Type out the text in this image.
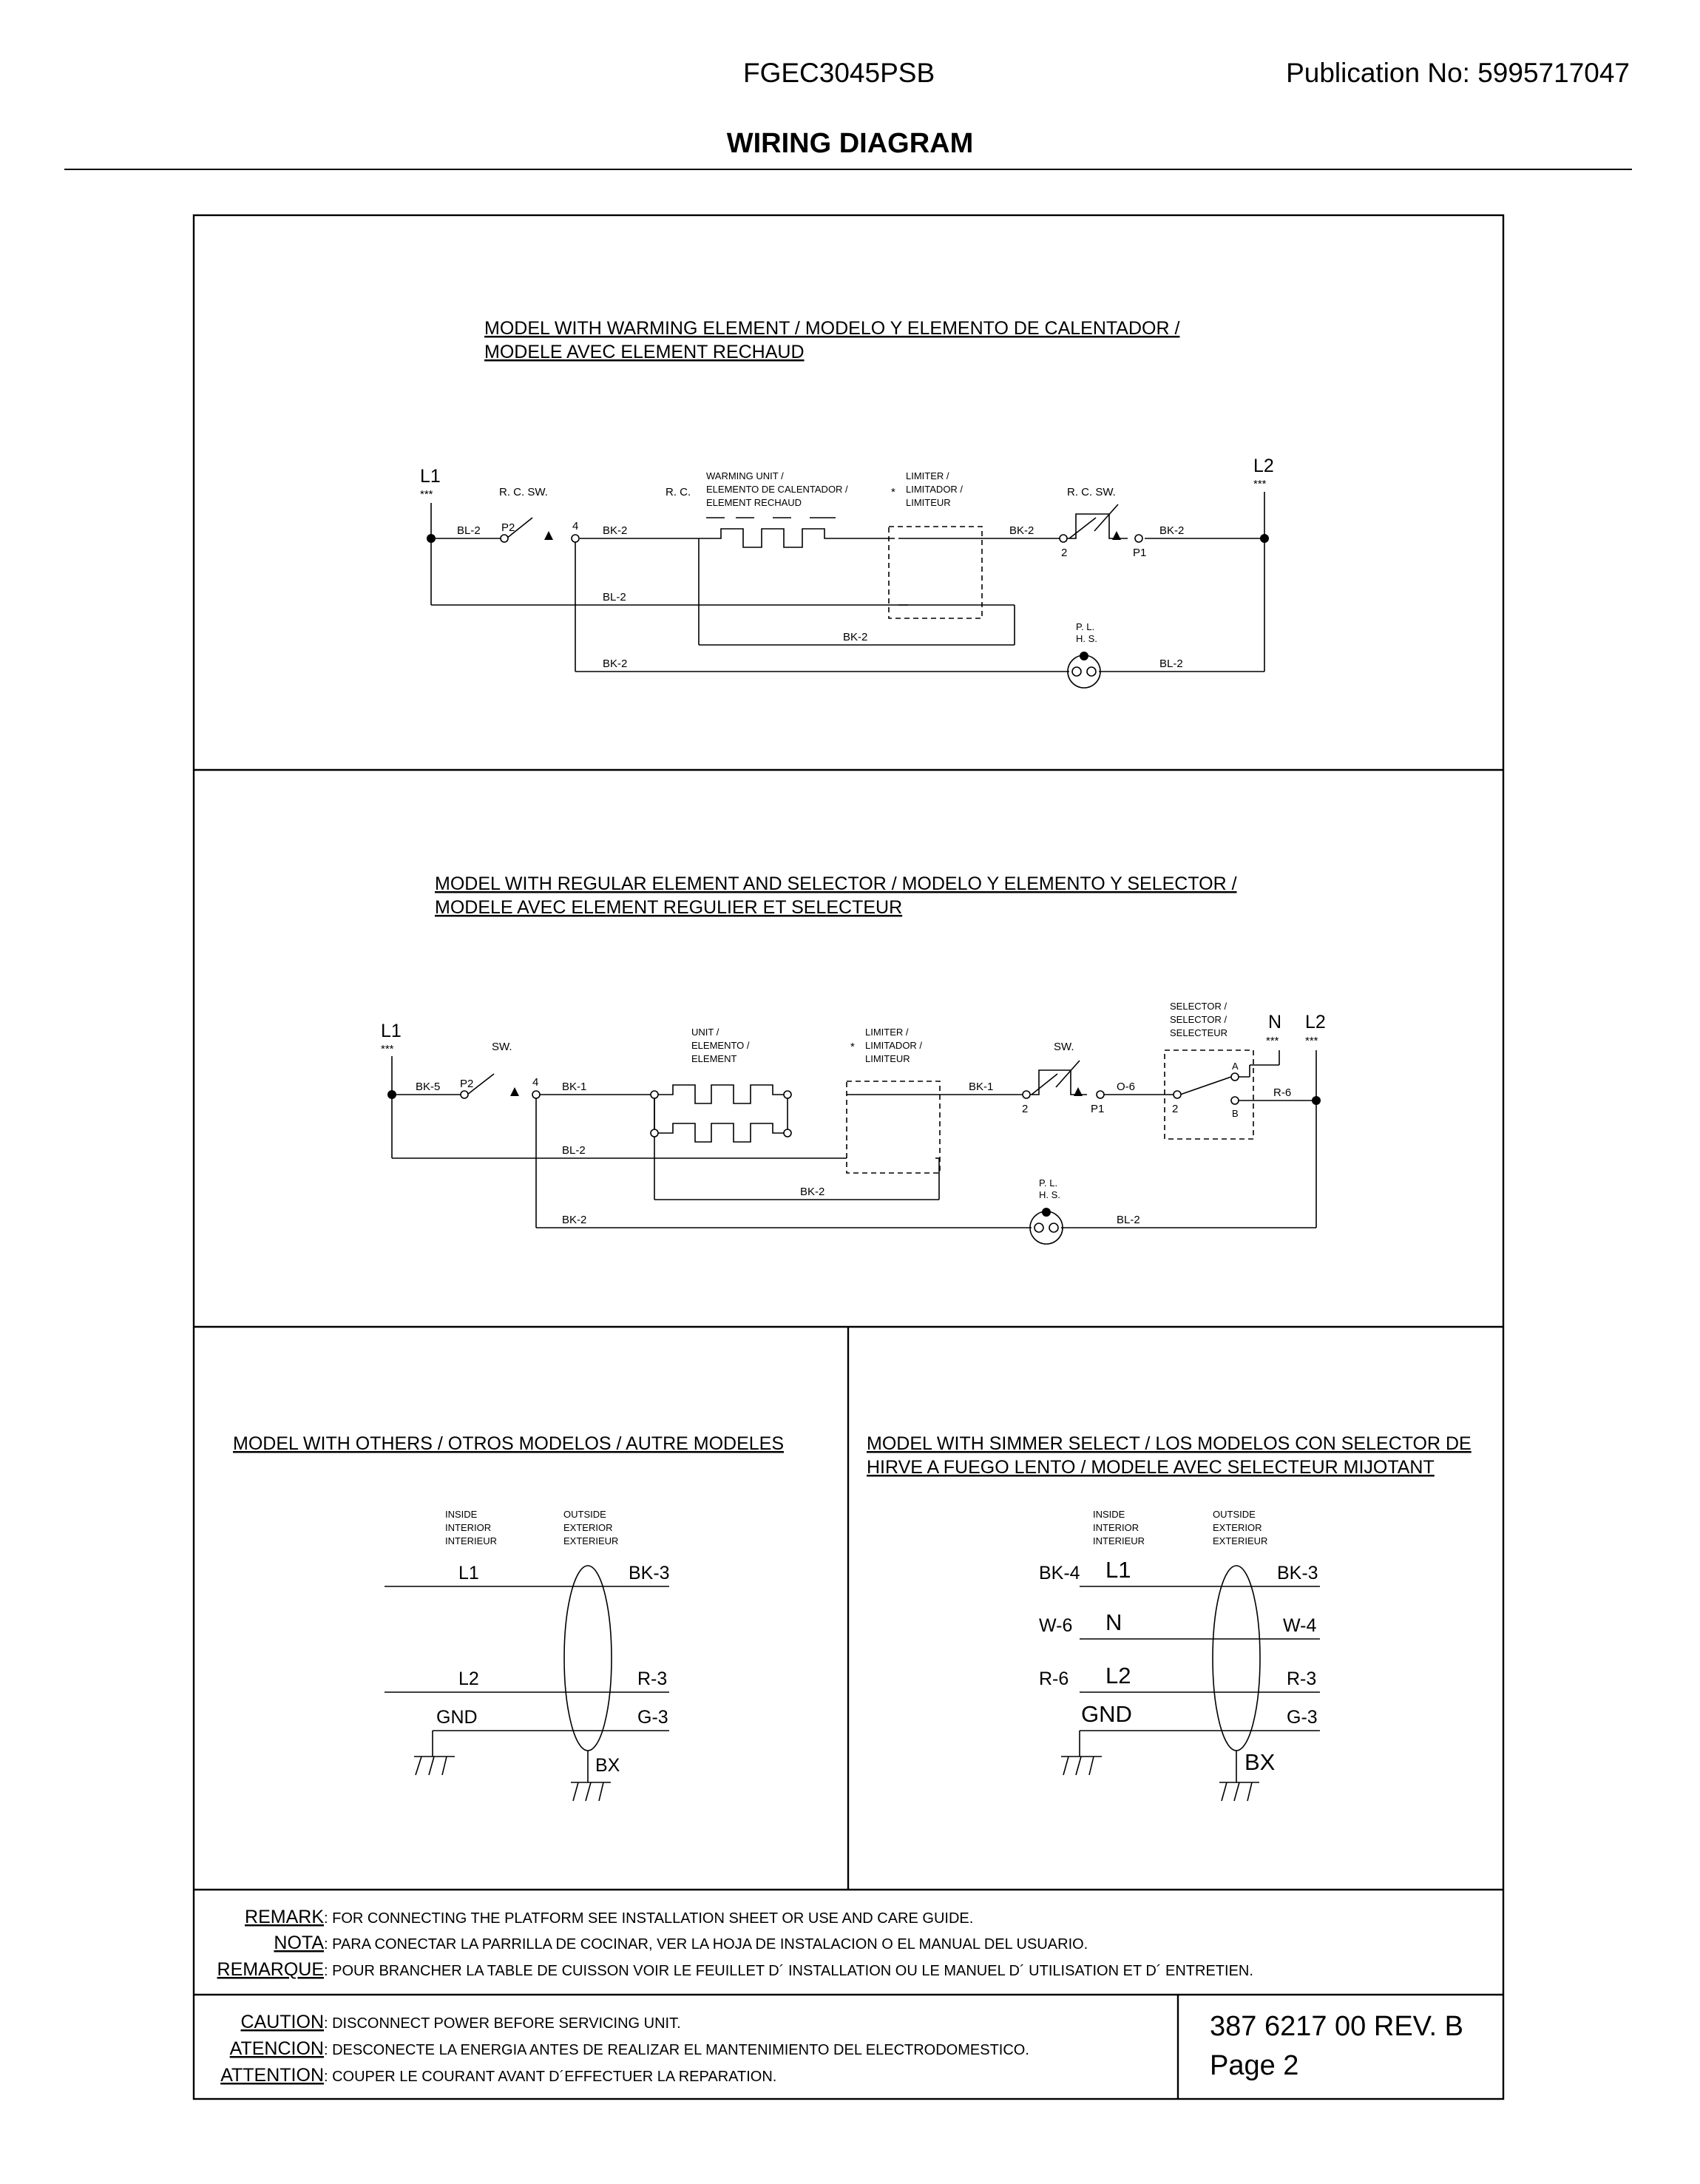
FGEC3045PSB	Publication No: 5995717047
WIRING DIAGRAM
MODEL WITH WARMING ELEMENT / MODELO Y ELEMENTO DE CALENTADOR /
MODELE AVEC ELEMENT RECHAUD
L1
***
L2
***
R. C. SW.	R. C. SW.
R. C.
WARMING UNIT /
ELEMENTO DE CALENTADOR /
ELEMENT RECHAUD
*
LIMITER /
LIMITADOR /
LIMITEUR
BL-2 P2	4 BK-2	BK-2	BK-2
2	P1
BL-2
BK-2
BK-2	BL-2
P. L.
H. S.
MODEL WITH REGULAR ELEMENT AND SELECTOR / MODELO Y ELEMENTO Y SELECTOR /
MODELE AVEC ELEMENT REGULIER ET SELECTEUR
L1
***
N
***
L2
***
SW.	SW.
UNIT /
ELEMENTO /
ELEMENT
*
LIMITER /
LIMITADOR /
LIMITEUR
SELECTOR /
SELECTOR /
SELECTEUR
BK-5 P2	4 BK-1	BK-1	O-6	R-6
2	P1	2
A
B
BL-2
BK-2
BK-2	BL-2
P. L.
H. S.
MODEL WITH OTHERS / OTROS MODELOS / AUTRE MODELES
INSIDE
INTERIOR
INTERIEUR
OUTSIDE
EXTERIOR
EXTERIEUR
L1	BK-3
L2	R-3
GND	G-3
BX
MODEL WITH SIMMER SELECT / LOS MODELOS CON SELECTOR DE
HIRVE A FUEGO LENTO / MODELE AVEC SELECTEUR MIJOTANT
INSIDE
INTERIOR
INTERIEUR
OUTSIDE
EXTERIOR
EXTERIEUR
BK-4 L1	BK-3
W-6 N	W-4
R-6 L2	R-3
GND	G-3
BX
REMARK : FOR CONNECTING THE PLATFORM SEE INSTALLATION SHEET OR USE AND CARE GUIDE.
NOTA : PARA CONECTAR LA PARRILLA DE COCINAR, VER LA HOJA DE INSTALACION O EL MANUAL DEL USUARIO.
REMARQUE : POUR BRANCHER LA TABLE DE CUISSON VOIR LE FEUILLET D´ INSTALLATION OU LE MANUEL D´ UTILISATION ET D´ ENTRETIEN.
CAUTION : DISCONNECT POWER BEFORE SERVICING UNIT.
ATENCION : DESCONECTE LA ENERGIA ANTES DE REALIZAR EL MANTENIMIENTO DEL ELECTRODOMESTICO.
ATTENTION : COUPER LE COURANT AVANT D´EFFECTUER LA REPARATION.
387 6217 00 REV. B
Page 2
